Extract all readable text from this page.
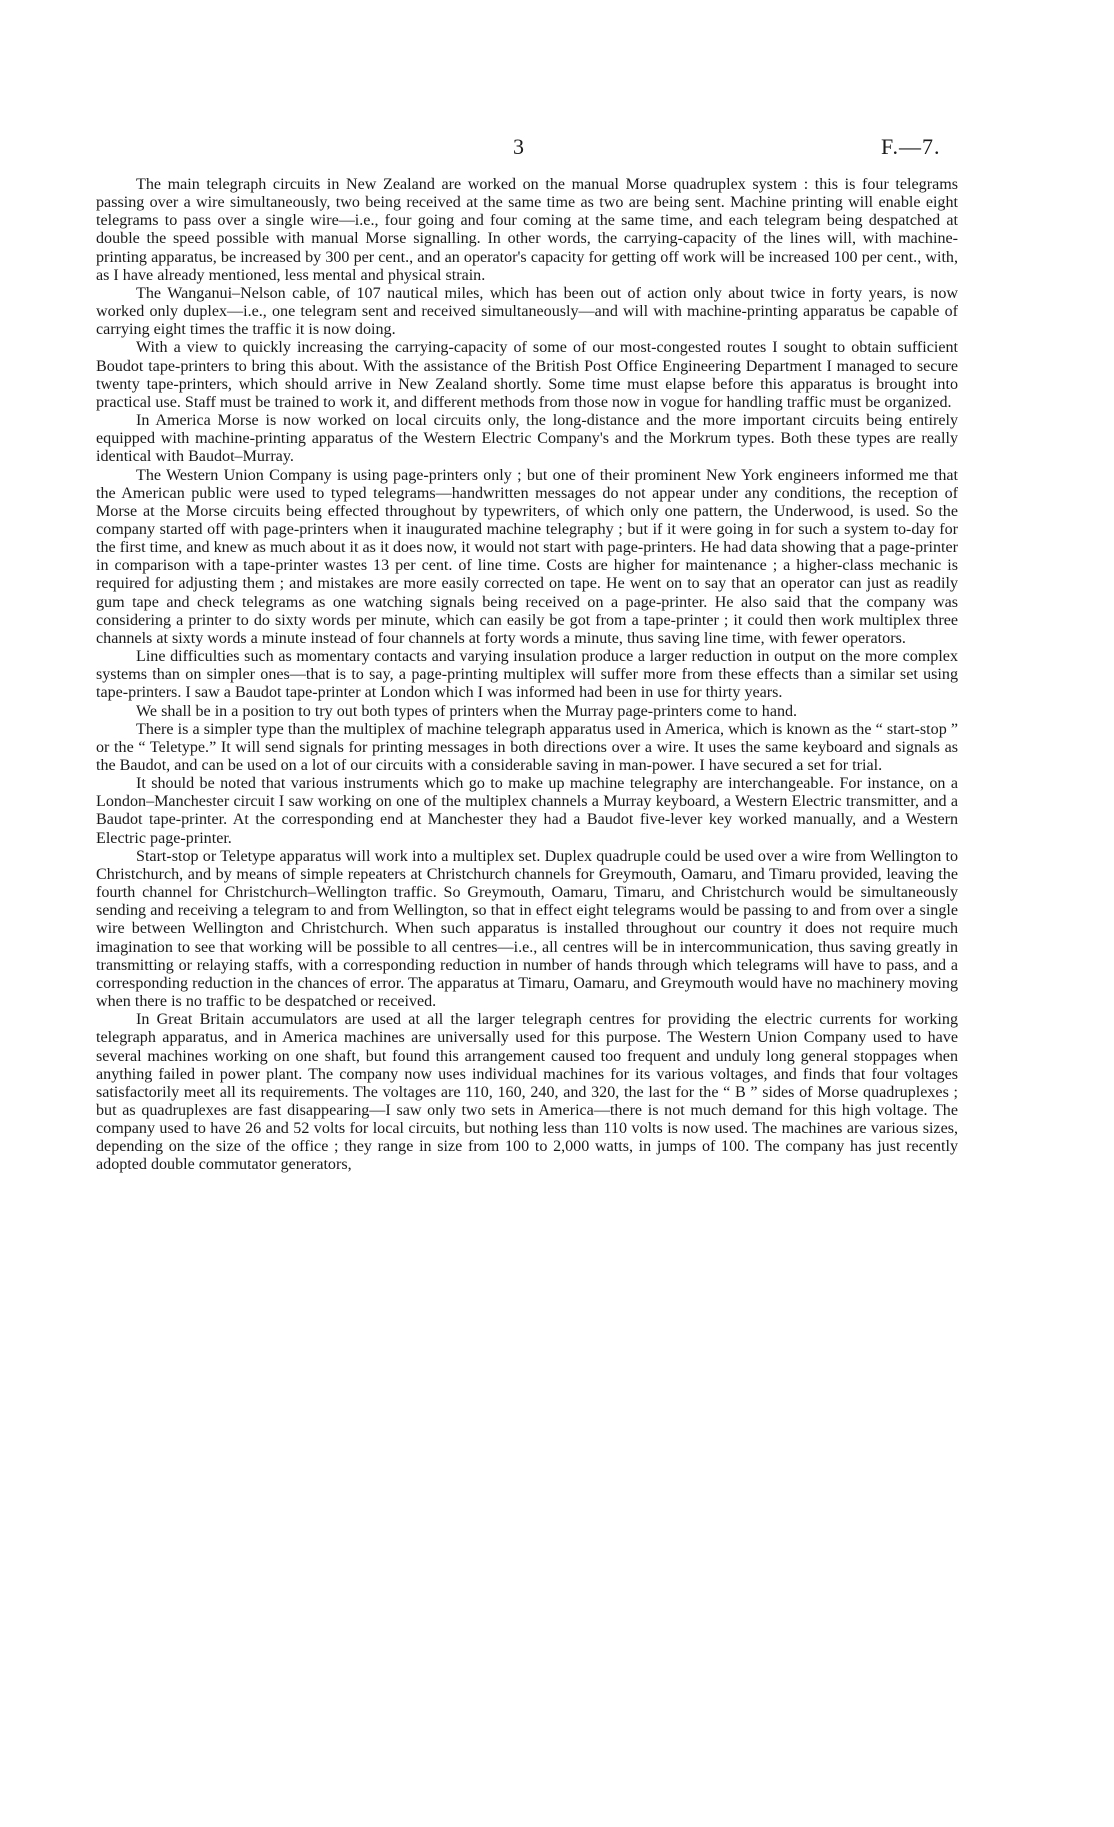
3	F.—7.

The main telegraph circuits in New Zealand are worked on the manual Morse quadruplex system : this is four telegrams passing over a wire simultaneously, two being received at the same time as two are being sent. Machine printing will enable eight telegrams to pass over a single wire—i.e., four going and four coming at the same time, and each telegram being despatched at double the speed possible with manual Morse signalling. In other words, the carrying-capacity of the lines will, with machine-printing apparatus, be increased by 300 per cent., and an operator's capacity for getting off work will be increased 100 per cent., with, as I have already mentioned, less mental and physical strain.

The Wanganui–Nelson cable, of 107 nautical miles, which has been out of action only about twice in forty years, is now worked only duplex—i.e., one telegram sent and received simultaneously—and will with machine-printing apparatus be capable of carrying eight times the traffic it is now doing.

With a view to quickly increasing the carrying-capacity of some of our most-congested routes I sought to obtain sufficient Boudot tape-printers to bring this about. With the assistance of the British Post Office Engineering Department I managed to secure twenty tape-printers, which should arrive in New Zealand shortly. Some time must elapse before this apparatus is brought into practical use. Staff must be trained to work it, and different methods from those now in vogue for handling traffic must be organized.

In America Morse is now worked on local circuits only, the long-distance and the more important circuits being entirely equipped with machine-printing apparatus of the Western Electric Company's and the Morkrum types. Both these types are really identical with Baudot–Murray.

The Western Union Company is using page-printers only ; but one of their prominent New York engineers informed me that the American public were used to typed telegrams—handwritten messages do not appear under any conditions, the reception of Morse at the Morse circuits being effected throughout by typewriters, of which only one pattern, the Underwood, is used. So the company started off with page-printers when it inaugurated machine telegraphy ; but if it were going in for such a system to-day for the first time, and knew as much about it as it does now, it would not start with page-printers. He had data showing that a page-printer in comparison with a tape-printer wastes 13 per cent. of line time. Costs are higher for maintenance ; a higher-class mechanic is required for adjusting them ; and mistakes are more easily corrected on tape. He went on to say that an operator can just as readily gum tape and check telegrams as one watching signals being received on a page-printer. He also said that the company was considering a printer to do sixty words per minute, which can easily be got from a tape-printer ; it could then work multiplex three channels at sixty words a minute instead of four channels at forty words a minute, thus saving line time, with fewer operators.

Line difficulties such as momentary contacts and varying insulation produce a larger reduction in output on the more complex systems than on simpler ones—that is to say, a page-printing multiplex will suffer more from these effects than a similar set using tape-printers. I saw a Baudot tape-printer at London which I was informed had been in use for thirty years.

We shall be in a position to try out both types of printers when the Murray page-printers come to hand.

There is a simpler type than the multiplex of machine telegraph apparatus used in America, which is known as the “ start-stop ” or the “ Teletype.” It will send signals for printing messages in both directions over a wire. It uses the same keyboard and signals as the Baudot, and can be used on a lot of our circuits with a considerable saving in man-power. I have secured a set for trial.

It should be noted that various instruments which go to make up machine telegraphy are interchangeable. For instance, on a London–Manchester circuit I saw working on one of the multiplex channels a Murray keyboard, a Western Electric transmitter, and a Baudot tape-printer. At the corresponding end at Manchester they had a Baudot five-lever key worked manually, and a Western Electric page-printer.

Start-stop or Teletype apparatus will work into a multiplex set. Duplex quadruple could be used over a wire from Wellington to Christchurch, and by means of simple repeaters at Christchurch channels for Greymouth, Oamaru, and Timaru provided, leaving the fourth channel for Christchurch–Wellington traffic. So Greymouth, Oamaru, Timaru, and Christchurch would be simultaneously sending and receiving a telegram to and from Wellington, so that in effect eight telegrams would be passing to and from over a single wire between Wellington and Christchurch. When such apparatus is installed throughout our country it does not require much imagination to see that working will be possible to all centres—i.e., all centres will be in intercommunication, thus saving greatly in transmitting or relaying staffs, with a corresponding reduction in number of hands through which telegrams will have to pass, and a corresponding reduction in the chances of error. The apparatus at Timaru, Oamaru, and Greymouth would have no machinery moving when there is no traffic to be despatched or received.

In Great Britain accumulators are used at all the larger telegraph centres for providing the electric currents for working telegraph apparatus, and in America machines are universally used for this purpose. The Western Union Company used to have several machines working on one shaft, but found this arrangement caused too frequent and unduly long general stoppages when anything failed in power plant. The company now uses individual machines for its various voltages, and finds that four voltages satisfactorily meet all its requirements. The voltages are 110, 160, 240, and 320, the last for the “ B ” sides of Morse quadruplexes ; but as quadruplexes are fast disappearing—I saw only two sets in America—there is not much demand for this high voltage. The company used to have 26 and 52 volts for local circuits, but nothing less than 110 volts is now used. The machines are various sizes, depending on the size of the office ; they range in size from 100 to 2,000 watts, in jumps of 100. The company has just recently adopted double commutator generators,
